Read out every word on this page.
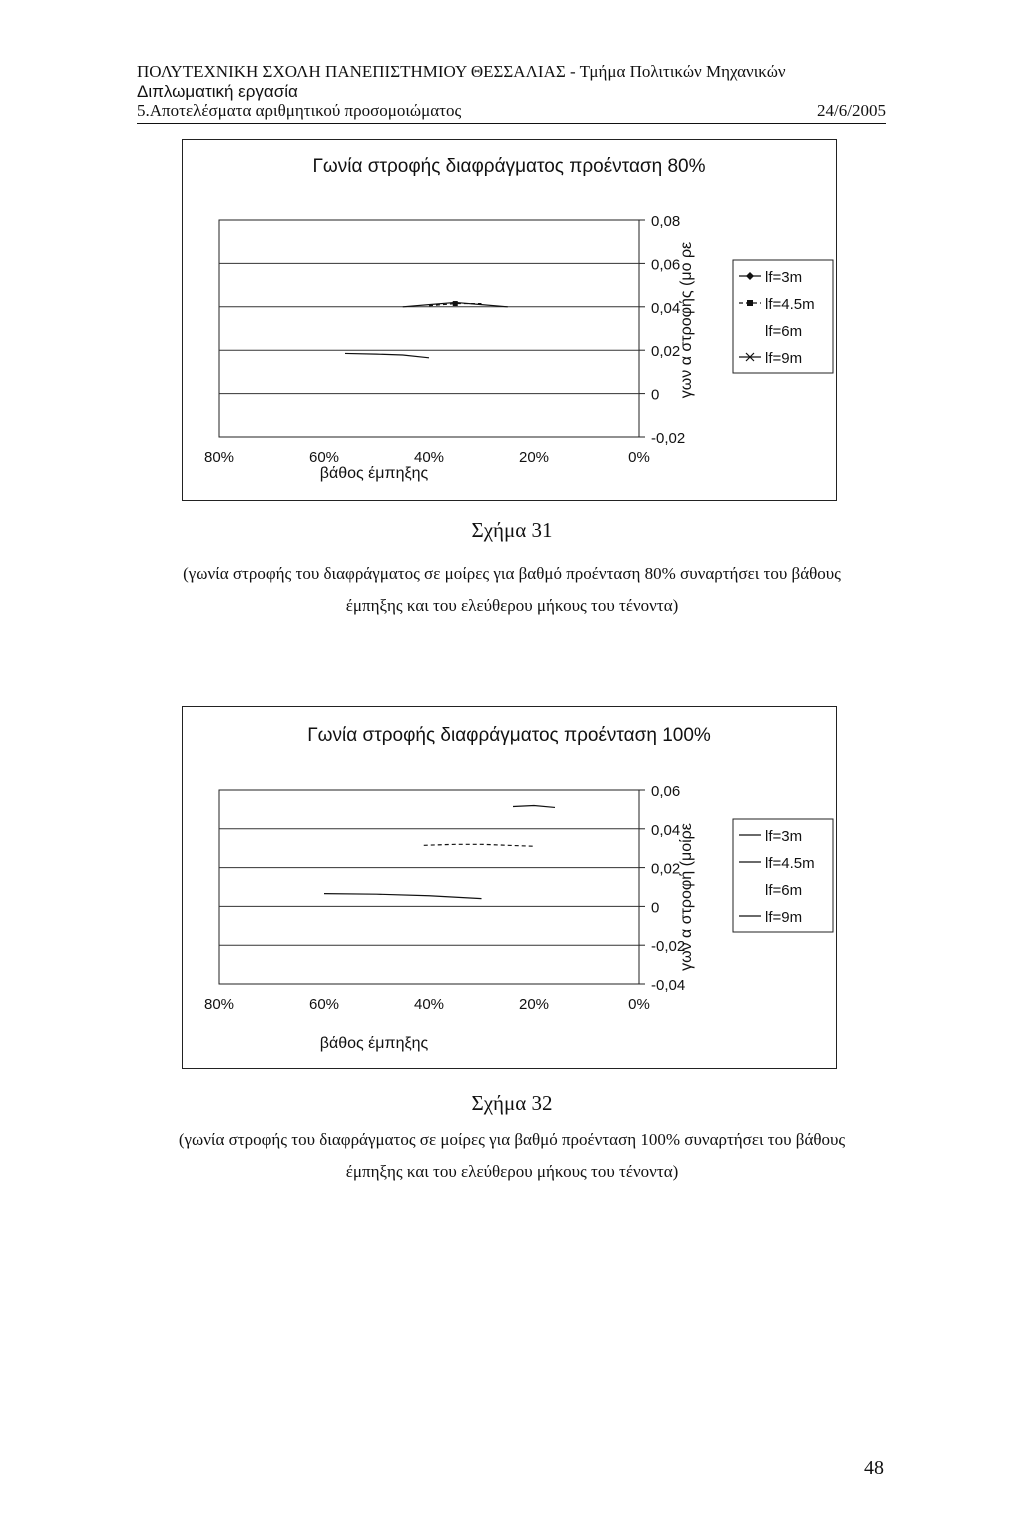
ΠΟΛΥΤΕΧΝΙΚΗ ΣΧΟΛΗ ΠΑΝΕΠΙΣΤΗΜΙΟΥ ΘΕΣΣΑΛΙΑΣ - Τμήμα Πολιτικών Μηχανικών
Διπλωματική εργασία
5.Αποτελέσματα αριθμητικού προσομοιώματος	24/6/2005
Γωνία στροφής διαφράγματος προένταση 80%
0,08
0,06
0,04
0,02
0
-0,02
80%	60%	40%	20%	0%
βάθος έμπηξης
γων α στροφής (μο ρε	lf=3m
lf=4.5m
lf=6m
lf=9m
Σχήμα 31
(γωνία στροφής του διαφράγματος σε μοίρες για βαθμό προένταση 80% συναρτήσει του βάθους
έμπηξης και του ελεύθερου μήκους του τένοντα)
Γωνία στροφής διαφράγματος προένταση 100%
0,06
0,04
0,02
0
-0,02
-0,04
80%	60%	40%	20%	0%
βάθος έμπηξης
γων α στροφή (μοίρε	lf=3m
lf=4.5m
lf=6m
lf=9m
Σχήμα 32
(γωνία στροφής του διαφράγματος σε μοίρες για βαθμό προένταση 100% συναρτήσει του βάθους
έμπηξης και του ελεύθερου μήκους του τένοντα)
48
